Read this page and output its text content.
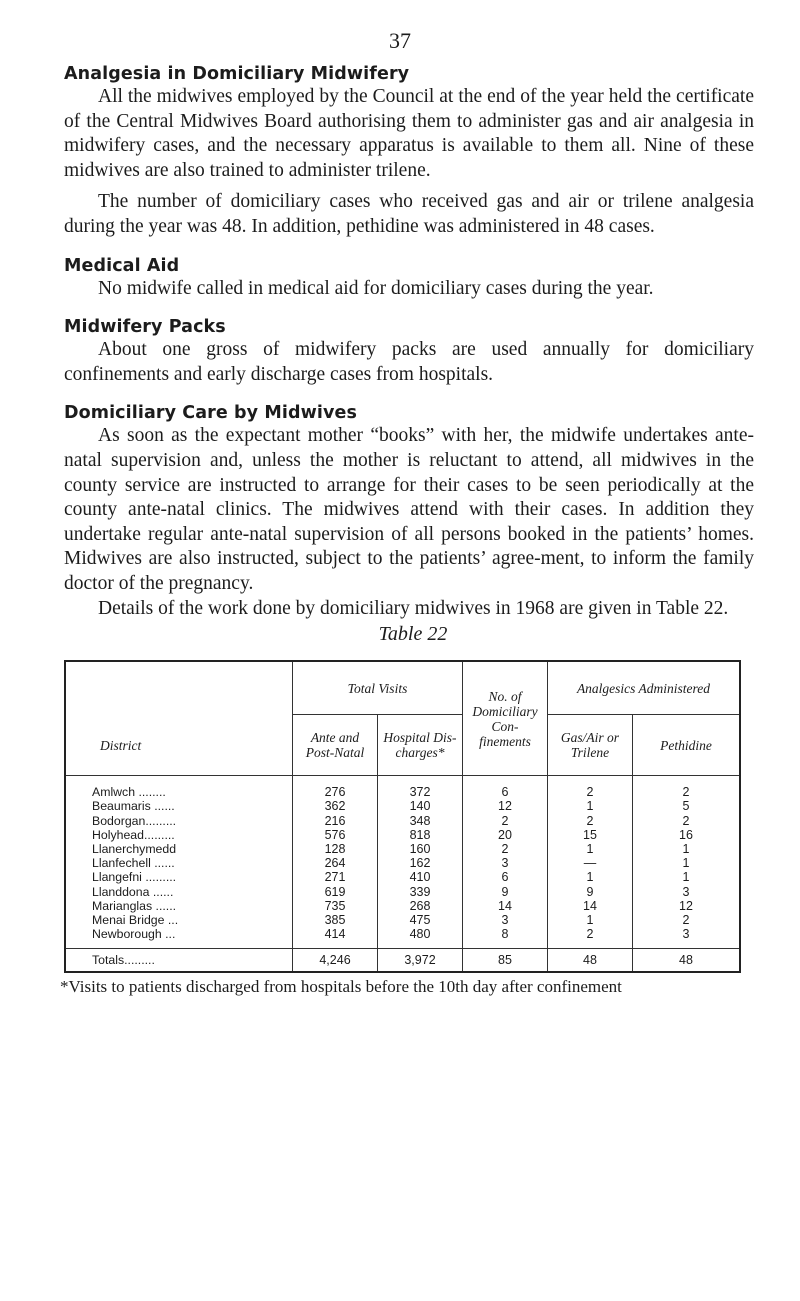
37
Analgesia in Domiciliary Midwifery

All the midwives employed by the Council at the end of the year held the certificate of the Central Midwives Board authorising them to administer gas and air analgesia in midwifery cases, and the necessary apparatus is available to them all. Nine of these midwives are also trained to administer trilene.

The number of domiciliary cases who received gas and air or trilene analgesia during the year was 48. In addition, pethidine was administered in 48 cases.

Medical Aid

No midwife called in medical aid for domiciliary cases during the year.

Midwifery Packs

About one gross of midwifery packs are used annually for domiciliary confinements and early discharge cases from hospitals.

Domiciliary Care by Midwives

As soon as the expectant mother “books” with her, the midwife undertakes ante-natal supervision and, unless the mother is reluctant to attend, all midwives in the county service are instructed to arrange for their cases to be seen periodically at the county ante-natal clinics. The midwives attend with their cases. In addition they undertake regular ante-natal supervision of all persons booked in the patients’ homes. Midwives are also instructed, subject to the patients’ agree-ment, to inform the family doctor of the pregnancy.

Details of the work done by domiciliary midwives in 1968 are given in Table 22.

Table 22
District	Total Visits		No. of Domiciliary Con-finements	Analgesics Administered	
	Ante and Post-Natal	Hospital Dis-charges*		Gas/Air or Trilene	Pethidine
Amlwch ........	276	372	6	2	2
Beaumaris ......	362	140	12	1	5
Bodorgan.........	216	348	2	2	2
Holyhead.........	576	818	20	15	16
Llanerchymedd	128	160	2	1	1
Llanfechell ......	264	162	3	—	1
Llangefni .........	271	410	6	1	1
Llanddona ......	619	339	9	9	3
Marianglas ......	735	268	14	14	12
Menai Bridge ...	385	475	3	1	2
Newborough ...	414	480	8	2	3
Totals.........	4,246	3,972	85	48	48
*Visits to patients discharged from hospitals before the 10th day after confinement
